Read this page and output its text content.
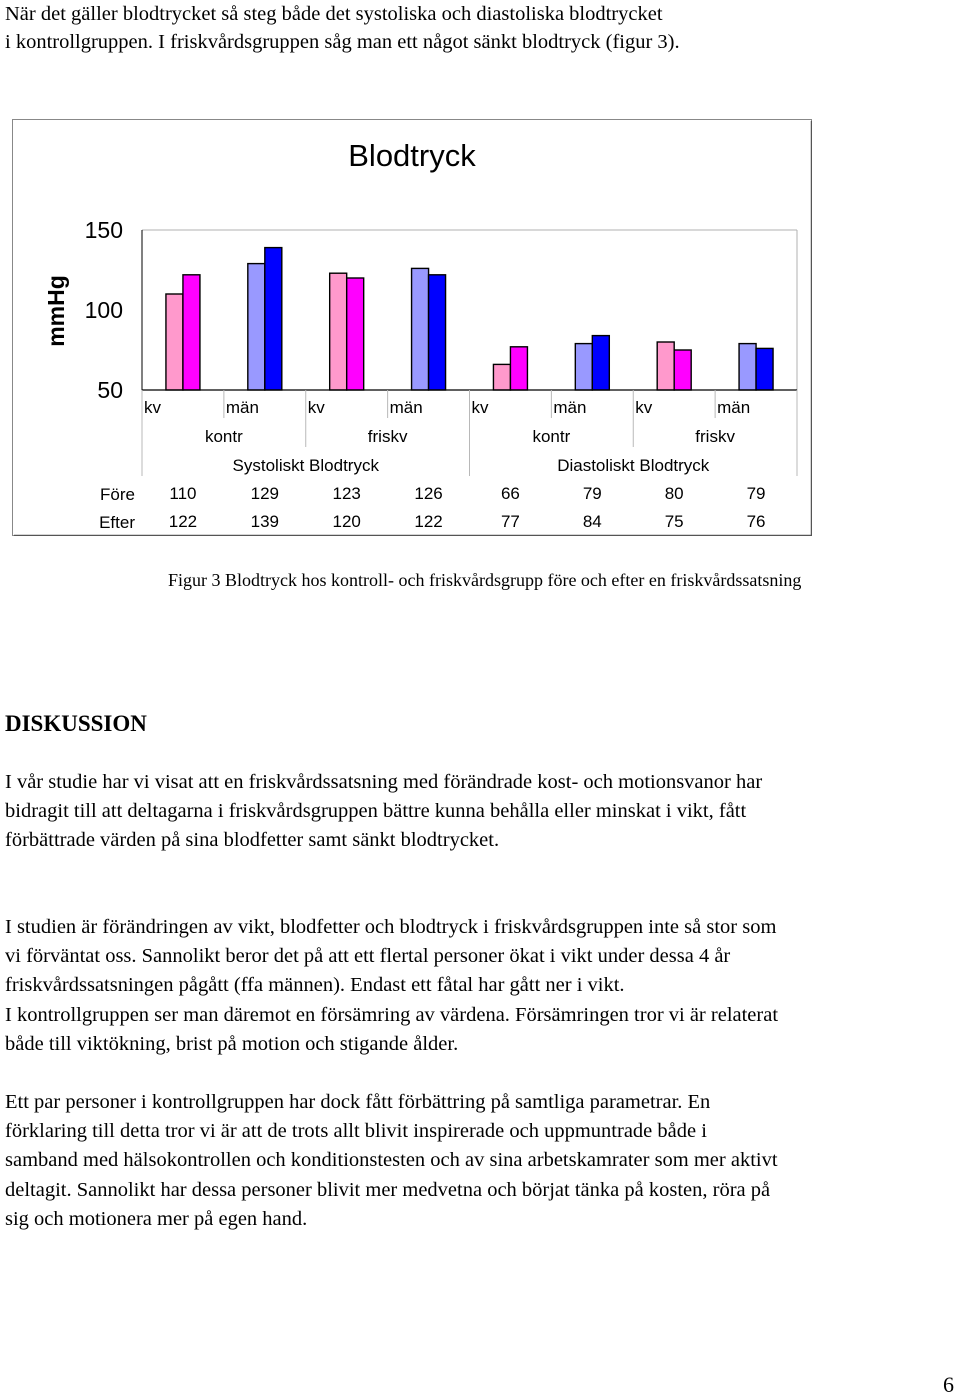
När det gäller blodtrycket så steg både det systoliska och diastoliska blodtrycket
i kontrollgruppen. I friskvårdsgruppen såg man ett något sänkt blodtryck (figur 3).
Blodtryck
mmHg
150
100
50
kv	män	kv	män	kv	män	kv	män
kontr	friskv	kontr	friskv
Systoliskt Blodtryck	Diastoliskt Blodtryck
Före 110	129	123	126	66	79	80	79
Efter 122	139	120	122	77	84	75	76

Figur 3 Blodtryck hos kontroll- och friskvårdsgrupp före och efter en friskvårdssatsning

DISKUSSION
I vår studie har vi visat att en friskvårdssatsning med förändrade kost- och motionsvanor har
bidragit till att deltagarna i friskvårdsgruppen bättre kunna behålla eller minskat i vikt, fått
förbättrade värden på sina blodfetter samt sänkt blodtrycket.
I studien är förändringen av vikt, blodfetter och blodtryck i friskvårdsgruppen inte så stor som
vi förväntat oss. Sannolikt beror det på att ett flertal personer ökat i vikt under dessa 4 år
friskvårdssatsningen pågått (ffa männen). Endast ett fåtal har gått ner i vikt.
I kontrollgruppen ser man däremot en försämring av värdena. Försämringen tror vi är relaterat
både till viktökning, brist på motion och stigande ålder.
Ett par personer i kontrollgruppen har dock fått förbättring på samtliga parametrar. En
förklaring till detta tror vi är att de trots allt blivit inspirerade och uppmuntrade både i
samband med hälsokontrollen och konditionstesten och av sina arbetskamrater som mer aktivt
deltagit. Sannolikt har dessa personer blivit mer medvetna och börjat tänka på kosten, röra på
sig och motionera mer på egen hand.

6
